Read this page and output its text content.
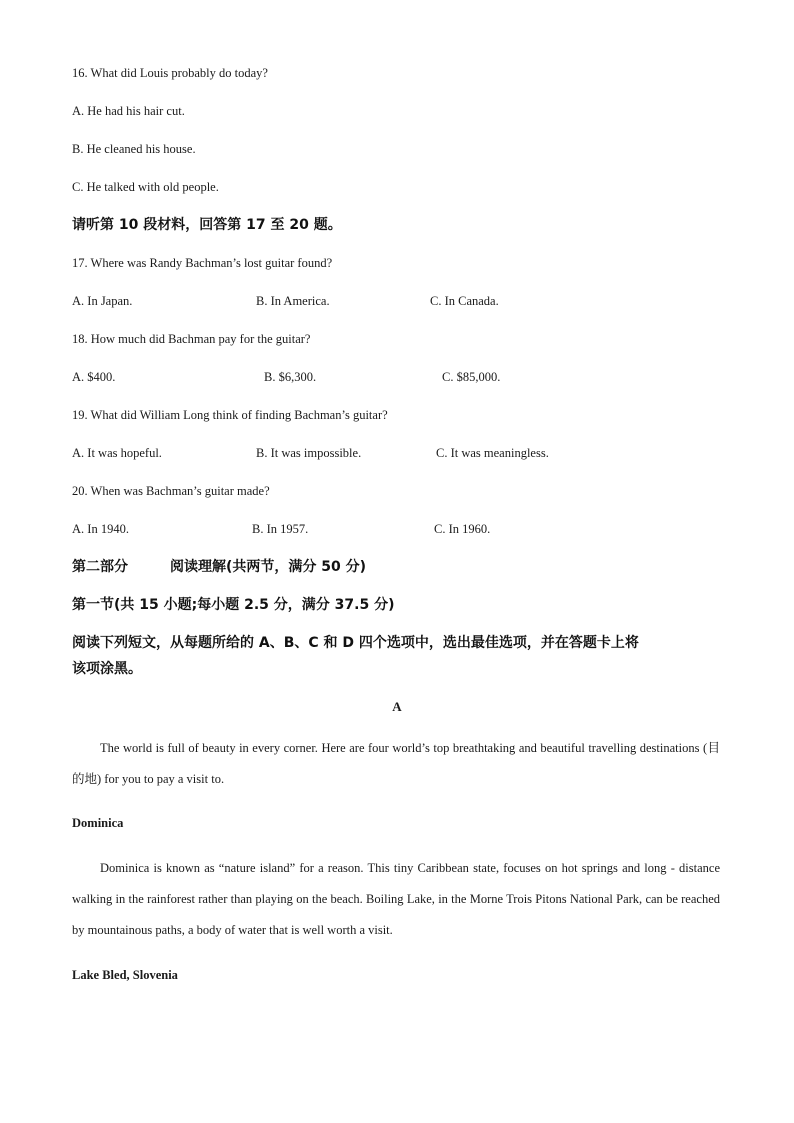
16. What did Louis probably do today?
A. He had his hair cut.
B. He cleaned his house.
C. He talked with old people.
请听第 10 段材料，回答第 17 至 20 题。
17. Where was Randy Bachman’s lost guitar found?
A. In Japan.	B. In America.	C. In Canada.
18. How much did Bachman pay for the guitar?
A. $400.	B. $6,300.	C. $85,000.
19. What did William Long think of finding Bachman’s guitar?
A. It was hopeful.	B. It was impossible.	C. It was meaningless.
20. When was Bachman’s guitar made?
A. In 1940.	B. In 1957.	C. In 1960.
第二部分	阅读理解(共两节，满分 50 分)
第一节(共 15 小题;每小题 2.5 分，满分 37.5 分)
阅读下列短文，从每题所给的 A、B、C 和 D 四个选项中，选出最佳选项，并在答题卡上将
该项涂黑。
A

The world is full of beauty in every corner. Here are four world’s top breathtaking and beautiful travelling destinations (目的地) for you to pay a visit to.

Dominica

Dominica is known as “nature island” for a reason. This tiny Caribbean state, focuses on hot springs and long - distance walking in the rainforest rather than playing on the beach. Boiling Lake, in the Morne Trois Pitons National Park, can be reached by mountainous paths, a body of water that is well worth a visit.

Lake Bled, Slovenia
